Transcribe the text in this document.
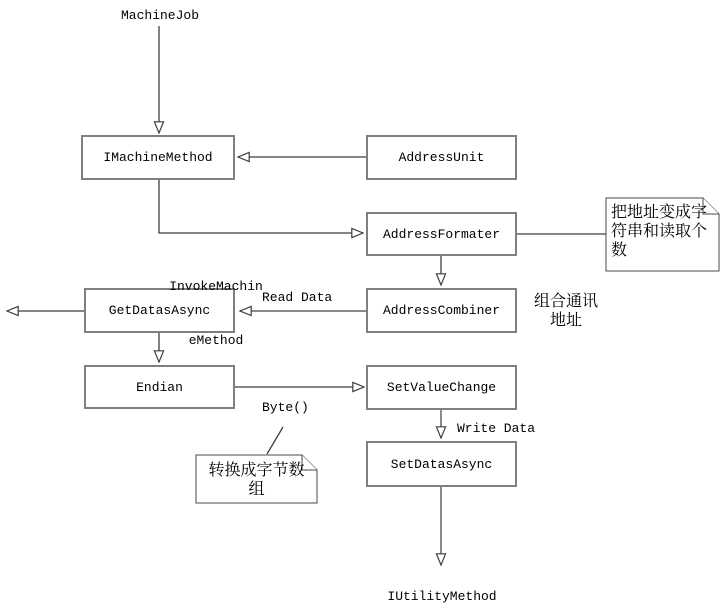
MachineJob
IUtilityMethod
IMachineMethod	AddressUnit
AddressFormater
AddressCombiner
GetDatasAsync
Endian	SetValueChange
SetDatasAsync

InvokeMachin

eMethod

Read Data
Byte()
Write Data
组合通讯
地址
把地址变成字符串和读取个数
转换成字节数组
